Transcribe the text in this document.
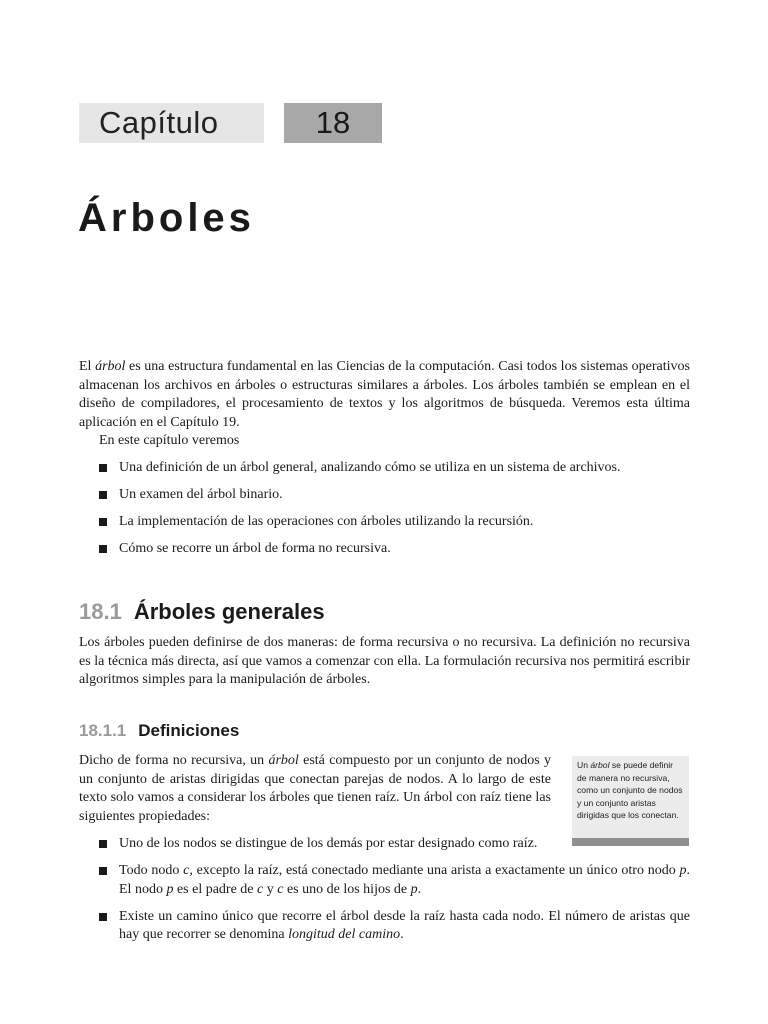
Capítulo	18
Árboles

El árbol es una estructura fundamental en las Ciencias de la computación. Casi todos los sistemas operativos almacenan los archivos en árboles o estructuras similares a árboles. Los árboles también se emplean en el diseño de compiladores, el procesamiento de textos y los algoritmos de búsqueda. Veremos esta última aplicación en el Capítulo 19.

En este capítulo veremos

Una definición de un árbol general, analizando cómo se utiliza en un sistema de archivos.
Un examen del árbol binario.
La implementación de las operaciones con árboles utilizando la recursión.
Cómo se recorre un árbol de forma no recursiva.
18.1 Árboles generales

Los árboles pueden definirse de dos maneras: de forma recursiva o no recursiva. La definición no recursiva es la técnica más directa, así que vamos a comenzar con ella. La formulación recursiva nos permitirá escribir algoritmos simples para la manipulación de árboles.

18.1.1 Definiciones

Dicho de forma no recursiva, un árbol está compuesto por un conjunto de nodos y un conjunto de aristas dirigidas que conectan parejas de nodos. A lo largo de este texto solo vamos a considerar los árboles que tienen raíz. Un árbol con raíz tiene las siguientes propiedades:

Un árbol se puede definir de manera no recursiva, como un conjunto de nodos y un conjunto aristas dirigidas que los conectan.
Uno de los nodos se distingue de los demás por estar designado como raíz.
Todo nodo c, excepto la raíz, está conectado mediante una arista a exactamente un único otro nodo p. El nodo p es el padre de c y c es uno de los hijos de p.
Existe un camino único que recorre el árbol desde la raíz hasta cada nodo. El número de aristas que hay que recorrer se denomina longitud del camino.
